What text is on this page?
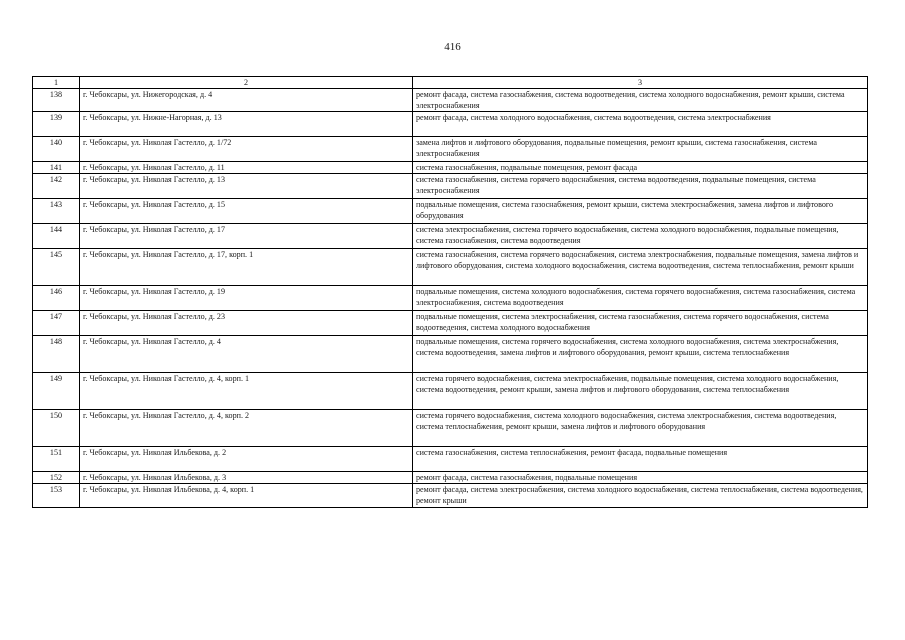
416
1	2	3
138	г. Чебоксары, ул. Нижегородская, д. 4	ремонт фасада, система газоснабжения, система водоотведения, система холодного водоснабжения, ремонт крыши, система электроснабжения
139	г. Чебоксары, ул. Нижне-Нагорная, д. 13	ремонт фасада, система холодного водоснабжения, система водоотведения, система электроснабжения
140	г. Чебоксары, ул. Николая Гастелло, д. 1/72	замена лифтов и лифтового оборудования, подвальные помещения, ремонт крыши, система газоснабжения, система электроснабжения
141	г. Чебоксары, ул. Николая Гастелло, д. 11	система газоснабжения, подвальные помещения, ремонт фасада
142	г. Чебоксары, ул. Николая Гастелло, д. 13	система газоснабжения, система горячего водоснабжения, система водоотведения, подвальные помещения, система электроснабжения
143	г. Чебоксары, ул. Николая Гастелло, д. 15	подвальные помещения, система газоснабжения, ремонт крыши, система электроснабжения, замена лифтов и лифтового оборудования
144	г. Чебоксары, ул. Николая Гастелло, д. 17	система электроснабжения, система горячего водоснабжения, система холодного водоснабжения, подвальные помещения, система газоснабжения, система водоотведения
145	г. Чебоксары, ул. Николая Гастелло, д. 17, корп. 1	система газоснабжения, система горячего водоснабжения, система электроснабжения, подвальные помещения, замена лифтов и лифтового оборудования, система холодного водоснабжения, система водоотведения, система теплоснабжения, ремонт крыши
146	г. Чебоксары, ул. Николая Гастелло, д. 19	подвальные помещения, система холодного водоснабжения, система горячего водоснабжения, система газоснабжения, система электроснабжения, система водоотведения
147	г. Чебоксары, ул. Николая Гастелло, д. 23	подвальные помещения, система электроснабжения, система газоснабжения, система горячего водоснабжения, система водоотведения, система холодного водоснабжения
148	г. Чебоксары, ул. Николая Гастелло, д. 4	подвальные помещения, система горячего водоснабжения, система холодного водоснабжения, система электроснабжения, система водоотведения, замена лифтов и лифтового оборудования, ремонт крыши, система теплоснабжения
149	г. Чебоксары, ул. Николая Гастелло, д. 4, корп. 1	система горячего водоснабжения, система электроснабжения, подвальные помещения, система холодного водоснабжения, система водоотведения, ремонт крыши, замена лифтов и лифтового оборудования, система теплоснабжения
150	г. Чебоксары, ул. Николая Гастелло, д. 4, корп. 2	система горячего водоснабжения, система холодного водоснабжения, система электроснабжения, система водоотведения, система теплоснабжения, ремонт крыши, замена лифтов и лифтового оборудования
151	г. Чебоксары, ул. Николая Ильбекова, д. 2	система газоснабжения, система теплоснабжения, ремонт фасада, подвальные помещения
152	г. Чебоксары, ул. Николая Ильбекова, д. 3	ремонт фасада, система газоснабжения, подвальные помещения
153	г. Чебоксары, ул. Николая Ильбекова, д. 4, корп. 1	ремонт фасада, система электроснабжения, система холодного водоснабжения, система теплоснабжения, система водоотведения, ремонт крыши
